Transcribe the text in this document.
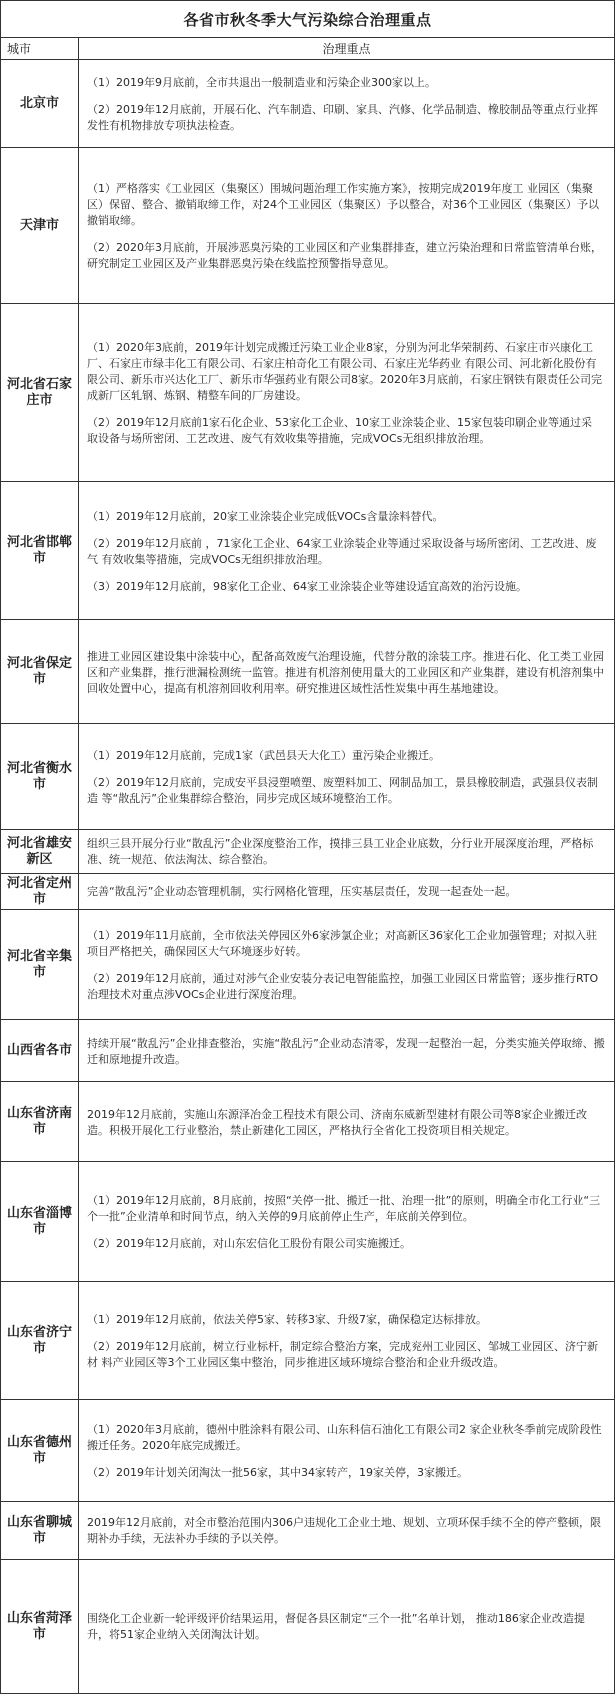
各省市秋冬季大气污染综合治理重点
城市	治理重点
北京市

（1）2019年9月底前，全市共退出一般制造业和污染企业300家以上。

（2）2019年12月底前，开展石化、汽车制造、印刷、家具、汽修、化学品制造、橡胶制品等重点行业挥发性有机物排放专项执法检查。

天津市

（1）严格落实《工业园区（集聚区）围城问题治理工作实施方案》，按期完成2019年度工 业园区（集聚区）保留、整合、撤销取缔工作，对24个工业园区（集聚区）予以整合，对36个工业园区（集聚区）予以撤销取缔。

（2）2020年3月底前，开展涉恶臭污染的工业园区和产业集群排查，建立污染治理和日常监管清单台账，研究制定工业园区及产业集群恶臭污染在线监控预警指导意见。

河北省石家庄市

（1）2020年3底前，2019年计划完成搬迁污染工业企业8家，分别为河北华荣制药、石家庄市兴康化工厂、石家庄市绿丰化工有限公司、石家庄柏奇化工有限公司、石家庄光华药业 有限公司、河北新化股份有限公司、新乐市兴达化工厂、新乐市华强药业有限公司8家。2020年3月底前，石家庄钢铁有限责任公司完成新厂区轧钢、炼钢、精整车间的厂房建设。

（2）2019年12月底前1家石化企业、53家化工企业、10家工业涂装企业、15家包装印刷企业等通过采 取设备与场所密闭、工艺改进、废气有效收集等措施，完成VOCs无组织排放治理。

河北省邯郸市

（1）2019年12月底前，20家工业涂装企业完成低VOCs含量涂料替代。

（2）2019年12月底前 ，71家化工企业、64家工业涂装企业等通过采取设备与场所密闭、工艺改进、废气 有效收集等措施，完成VOCs无组织排放治理。

（3）2019年12月底前，98家化工企业、64家工业涂装企业等建设适宜高效的治污设施。

河北省保定市

推进工业园区建设集中涂装中心，配备高效废气治理设施，代替分散的涂装工序。推进石化、化工类工业园区和产业集群，推行泄漏检测统一监管。推进有机溶剂使用量大的工业园区和产业集群，建设有机溶剂集中回收处置中心，提高有机溶剂回收利用率。研究推进区域性活性炭集中再生基地建设。

河北省衡水市

（1）2019年12月底前，完成1家（武邑县天大化工）重污染企业搬迁。

（2）2019年12月底前，完成安平县浸塑喷塑、废塑料加工、网制品加工，景县橡胶制造，武强县仪表制造 等“散乱污”企业集群综合整治，同步完成区域环境整治工作。

河北省雄安新区

组织三县开展分行业“散乱污”企业深度整治工作，摸排三县工业企业底数，分行业开展深度治理，严格标准、统一规范、依法淘汰、综合整治。

河北省定州市

完善“散乱污”企业动态管理机制，实行网格化管理，压实基层责任，发现一起查处一起。

河北省辛集市

（1）2019年11月底前，全市依法关停园区外6家涉氯企业；对高新区36家化工企业加强管理；对拟入驻项目严格把关，确保园区大气环境逐步好转。

（2）2019年12月底前，通过对涉气企业安装分表记电智能监控，加强工业园区日常监管；逐步推行RTO治理技术对重点涉VOCs企业进行深度治理。

山西省各市	持续开展“散乱污”企业排查整治，实施“散乱污”企业动态清零，发现一起整治一起，分类实施关停取缔、搬迁和原地提升改造。

山东省济南市

2019年12月底前，实施山东源泽冶金工程技术有限公司、济南东威新型建材有限公司等8家企业搬迁改造。积极开展化工行业整治，禁止新建化工园区，严格执行全省化工投资项目相关规定。

山东省淄博市

（1）2019年12月底前，8月底前，按照“关停一批、搬迁一批、治理一批”的原则，明确全市化工行业“三个一批”企业清单和时间节点，纳入关停的9月底前停止生产，年底前关停到位。

（2）2019年12月底前，对山东宏信化工股份有限公司实施搬迁。

山东省济宁市

（1）2019年12月底前，依法关停5家、转移3家、升级7家，确保稳定达标排放。

（2）2019年12月底前，树立行业标杆，制定综合整治方案，完成兖州工业园区、邹城工业园区、济宁新材 料产业园区等3个工业园区集中整治，同步推进区域环境综合整治和企业升级改造。

山东省德州市

（1）2020年3月底前，德州中胜涂料有限公司、山东科信石油化工有限公司2 家企业秋冬季前完成阶段性 搬迁任务。2020年底完成搬迁。

（2）2019年计划关闭淘汰一批56家，其中34家转产，19家关停，3家搬迁。

山东省聊城市

2019年12月底前，对全市整治范围内306户违规化工企业土地、规划、立项环保手续不全的停产整顿，限期补办手续，无法补办手续的予以关停。

山东省菏泽市

围绕化工企业新一轮评级评价结果运用，督促各县区制定“三个一批”名单计划， 推动186家企业改造提升，将51家企业纳入关闭淘汰计划。
